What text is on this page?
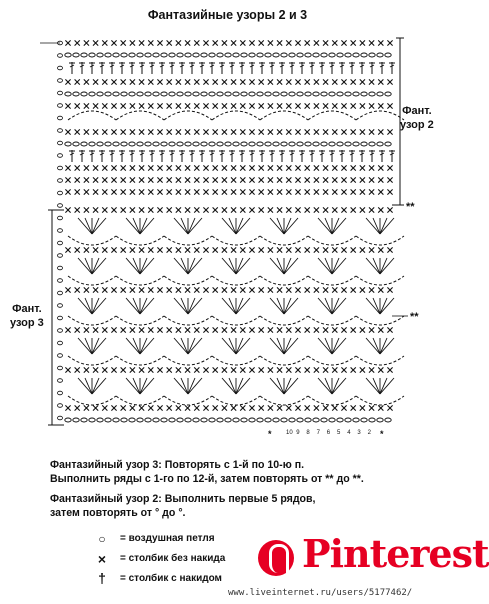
Фантазийные узоры 2 и 3
* 10 9 8 7 6 5 4 3 2 *
Фант.
узор 2
Фант.
узор 3
**
**
Фантазийный узор 3: Повторять с 1-й по 10-ю п.
Выполнить ряды с 1-го по 12-й, затем повторять от ** до **.
Фантазийный узор 2: Выполнить первые 5 рядов,
затем повторять от ° до °.
○	= воздушная петля
×	= столбик без накида
†	= столбик с накидом
Pinterest
www.liveinternet.ru/users/5177462/
